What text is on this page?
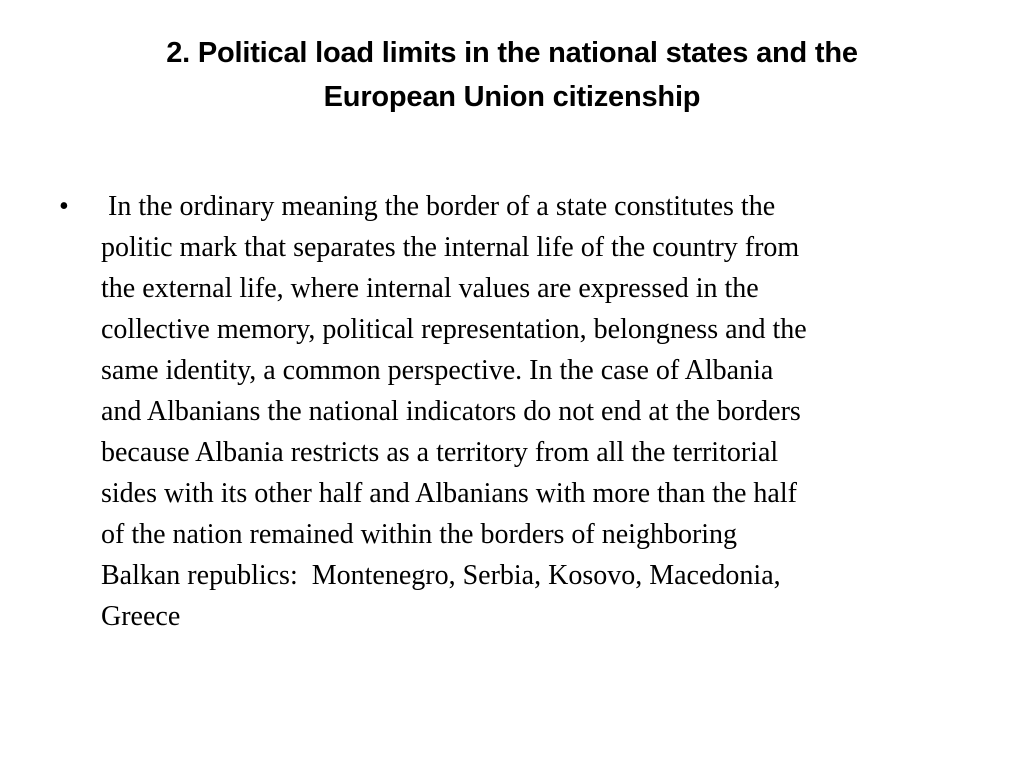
2. Political load limits in the national states and the
European Union citizenship
• In the ordinary meaning the border of a state constitutes the
politic mark that separates the internal life of the country from
the external life, where internal values are expressed in the
collective memory, political representation, belongness and the
same identity, a common perspective. In the case of Albania
and Albanians the national indicators do not end at the borders
because Albania restricts as a territory from all the territorial
sides with its other half and Albanians with more than the half
of the nation remained within the borders of neighboring
Balkan republics:  Montenegro, Serbia, Kosovo, Macedonia,
Greece
